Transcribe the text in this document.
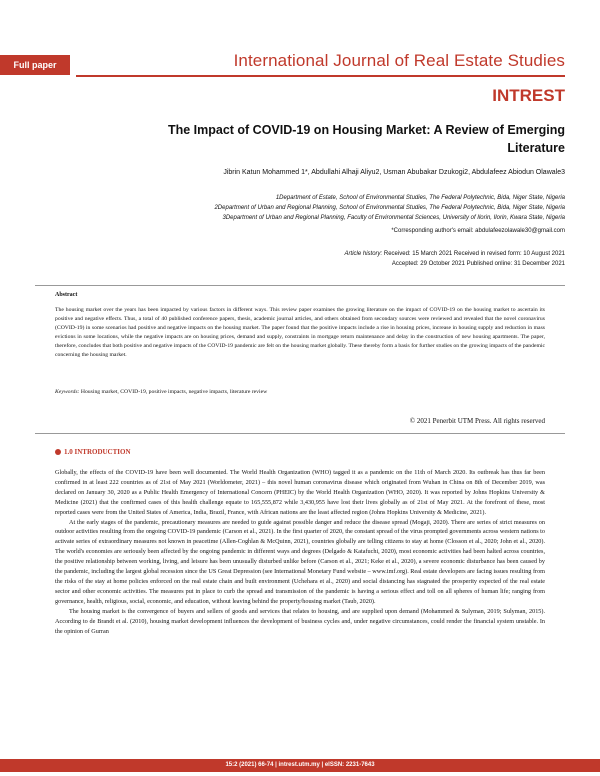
Full paper	International Journal of Real Estate Studies
INTREST
The Impact of COVID-19 on Housing Market: A Review of Emerging Literature
Jibrin Katun Mohammed 1*, Abdullahi Alhaji Aliyu2, Usman Abubakar Dzukogi2, Abdulafeez Abiodun Olawale3
1Department of Estate, School of Environmental Studies, The Federal Polytechnic, Bida, Niger State, Nigeria
2Department of Urban and Regional Planning, School of Environmental Studies, The Federal Polytechnic, Bida, Niger State, Nigeria
3Department of Urban and Regional Planning, Faculty of Environmental Sciences, University of Ilorin, Ilorin, Kwara State, Nigeria
*Corresponding author's email: abdulafeezolawale30@gmail.com
Article history: Received: 15 March 2021 Received in revised form: 10 August 2021
Accepted: 29 October 2021 Published online: 31 December 2021
Abstract
The housing market over the years has been impacted by various factors in different ways. This review paper examines the growing literature on the impact of COVID-19 on the housing market to ascertain its positive and negative effects. Thus, a total of 40 published conference papers, thesis, academic journal articles, and others obtained from secondary sources were reviewed and revealed that the novel coronavirus (COVID-19) in some scenarios had positive and negative impacts on the housing market. The paper found that the positive impacts include a rise in housing prices, increase in housing supply and reduction in mass evictions in some locations, while the negative impacts are on housing prices, demand and supply, constraints in mortgage return maintenance and delay in the construction of new housing apartments. The paper, therefore, concludes that both positive and negative impacts of the COVID-19 pandemic are felt on the housing market globally. These thereby form a basis for further studies on the growing impacts of the pandemic concerning the housing market.
Keywords: Housing market, COVID-19, positive impacts, negative impacts, literature review
© 2021 Penerbit UTM Press. All rights reserved
1.0 INTRODUCTION

Globally, the effects of the COVID-19 have been well documented. The World Health Organization (WHO) tagged it as a pandemic on the 11th of March 2020. Its outbreak has thus far been confirmed in at least 222 countries as of 21st of May 2021 (Worldometer, 2021) – this novel human coronavirus disease which originated from Wuhan in China on 8th of December 2019, was declared on January 30, 2020 as a Public Health Emergency of International Concern (PHEIC) by the World Health Organization (WHO, 2020). It was reported by Johns Hopkins University & Medicine (2021) that the confirmed cases of this health challenge equate to 165,555,872 while 3,430,955 have lost their lives globally as of 21st of May 2021. At the forefront of these, most reported cases were from the United States of America, India, Brazil, France, with African nations are the least affected region (Johns Hopkins University & Medicine, 2021).

At the early stages of the pandemic, precautionary measures are needed to guide against possible danger and reduce the disease spread (Mogaji, 2020). There are series of strict measures on outdoor activities resulting from the ongoing COVID-19 pandemic (Carson et al., 2021). In the first quarter of 2020, the constant spread of the virus prompted governments across western nations to activate series of extraordinary measures not known in peacetime (Allen-Coghlan & McQuinn, 2021), countries globally are telling citizens to stay at home (Closson et al., 2020; John et al., 2020). The world's economies are seriously been affected by the ongoing pandemic in different ways and degrees (Delgado & Katafuchi, 2020), most economic activities had been halted across countries, the positive relationship between working, living, and leisure has been unusually disturbed unlike before (Carson et al., 2021; Keke et al., 2020), a severe economic disturbance has been caused by the pandemic, including the largest global recession since the US Great Depression (see International Monetary Fund website – www.imf.org). Real estate developers are facing issues resulting from the risks of the stay at home policies enforced on the real estate chain and built environment (Uchehara et al., 2020) and social distancing has stagnated the prosperity expected of the real estate sector and other economic activities. The measures put in place to curb the spread and transmission of the pandemic is having a serious effect and toll on all spheres of human life; ranging from governance, health, religious, social, economic, and education, without leaving behind the property/housing market (Taub, 2020).

The housing market is the convergence of buyers and sellers of goods and services that relates to housing, and are supplied upon demand (Mohammed & Sulyman, 2019; Sulyman, 2015). According to de Brandt et al. (2010), housing market development influences the development of business cycles and, under negative circumstances, could render the financial system unstable. In the opinion of Gurran

15:2 (2021) 66-74 | intrest.utm.my | eISSN: 2231-7643
